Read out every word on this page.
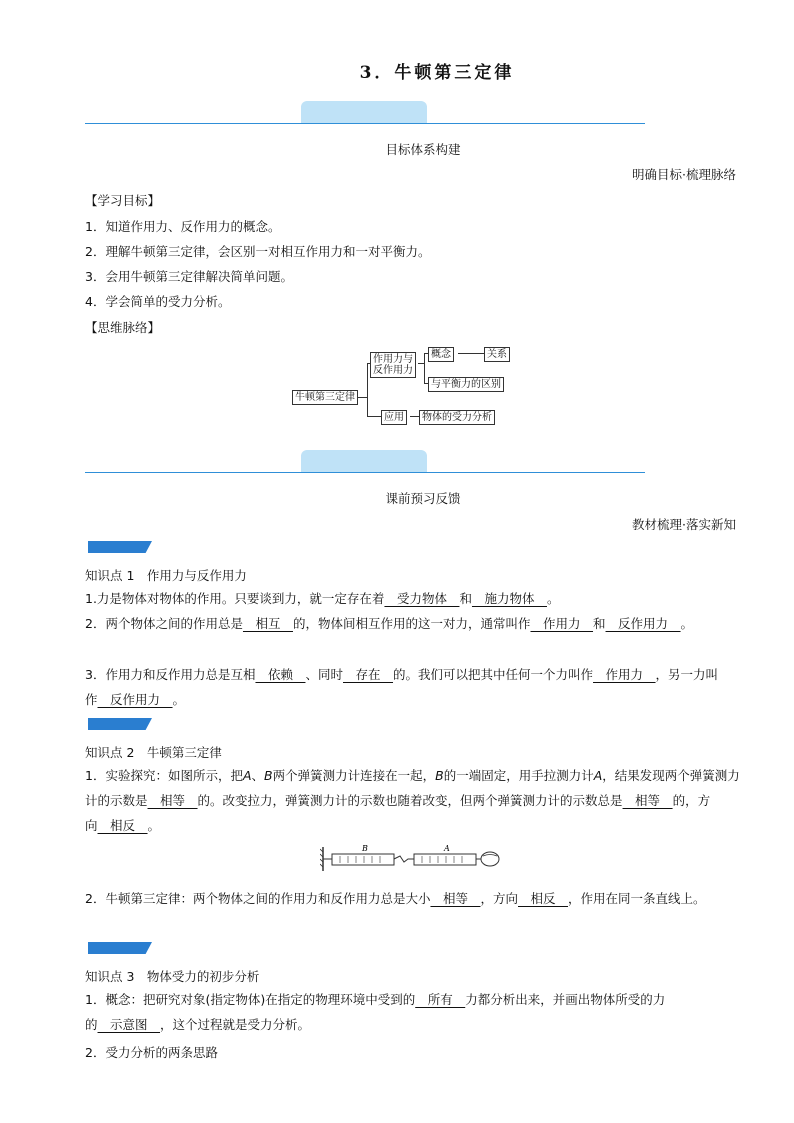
3．牛顿第三定律
目标体系构建
明确目标·梳理脉络
【学习目标】
1．知道作用力、反作用力的概念。
2．理解牛顿第三定律，会区别一对相互作用力和一对平衡力。
3．会用牛顿第三定律解决简单问题。
4．学会简单的受力分析。
【思维脉络】
牛顿第三定律
作用力与
反作用力
概念	关系
与平衡力的区别
应用	物体的受力分析
课前预习反馈
教材梳理·落实新知
知识点 1　作用力与反作用力
1.力是物体对物体的作用。只要谈到力，就一定存在着　受力物体　和　施力物体　。
2．两个物体之间的作用总是　相互　的，物体间相互作用的这一对力，通常叫作　作用力　和　反作用力　。
3．作用力和反作用力总是互相　依赖　、同时　存在　的。我们可以把其中任何一个力叫作　作用力　，另一力叫作　反作用力　。
知识点 2　牛顿第三定律
1．实验探究：如图所示，把A、B两个弹簧测力计连接在一起，B的一端固定，用手拉测力计A，结果发现两个弹簧测力计的示数是　相等　的。改变拉力，弹簧测力计的示数也随着改变，但两个弹簧测力计的示数总是　相等　的，方向　相反　。
B	A
2．牛顿第三定律：两个物体之间的作用力和反作用力总是大小　相等　，方向　相反　，作用在同一条直线上。
知识点 3　物体受力的初步分析
1．概念：把研究对象(指定物体)在指定的物理环境中受到的　所有　力都分析出来，并画出物体所受的力的　示意图　，这个过程就是受力分析。
2．受力分析的两条思路
